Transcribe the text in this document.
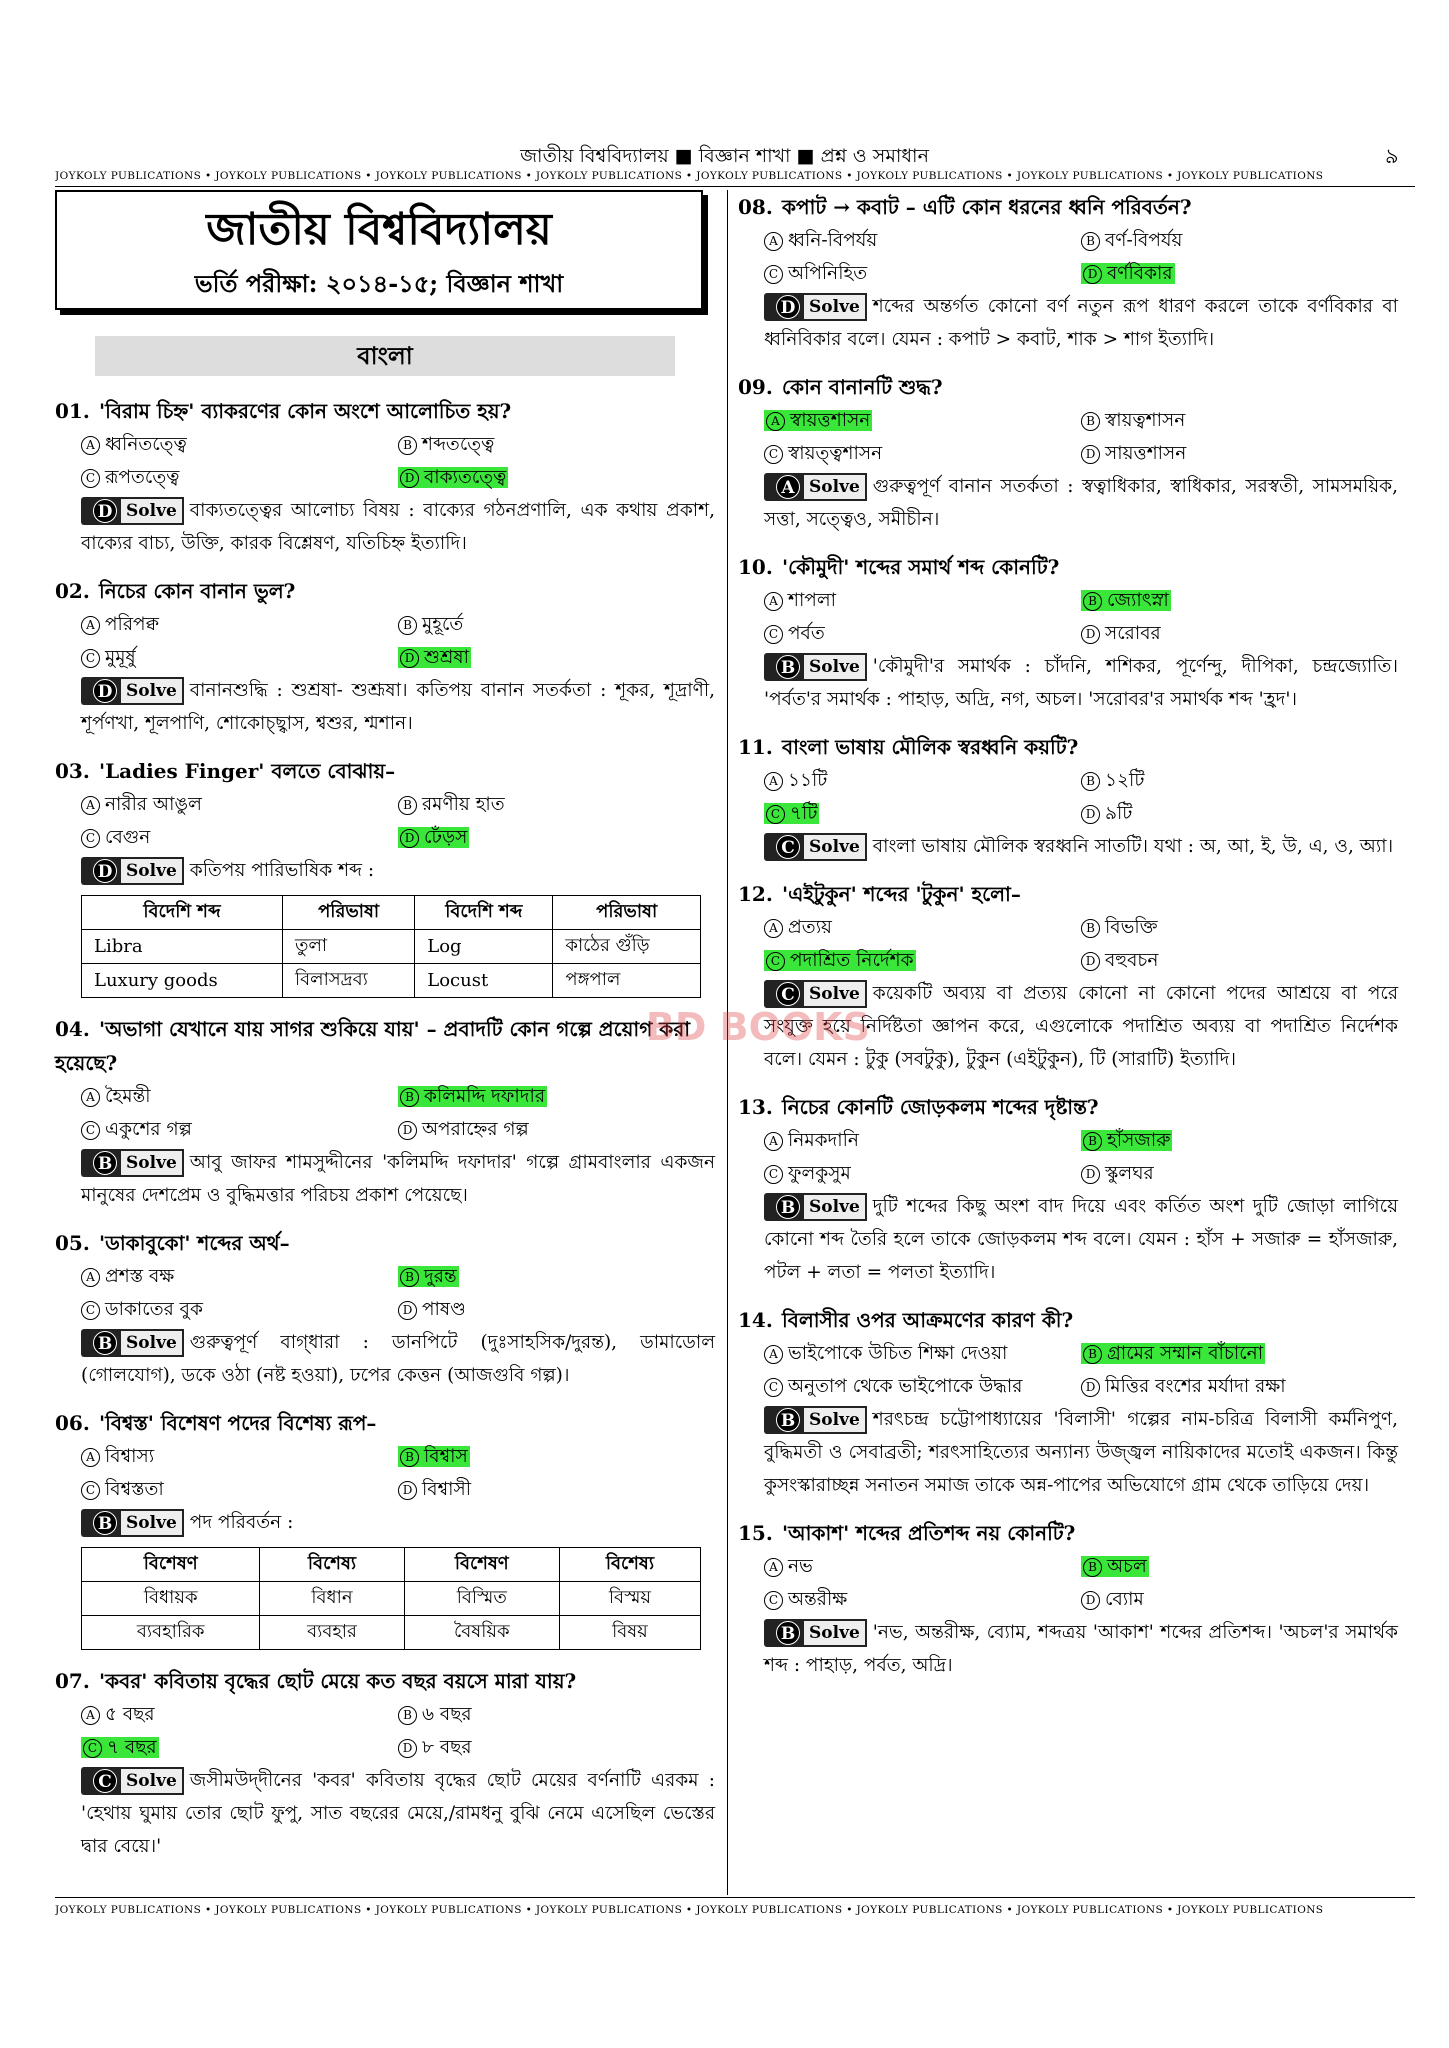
জাতীয় বিশ্ববিদ্যালয় ■ বিজ্ঞান শাখা ■ প্রশ্ন ও সমাধান	৯
JOYKOLY PUBLICATIONS • JOYKOLY PUBLICATIONS • JOYKOLY PUBLICATIONS • JOYKOLY PUBLICATIONS • JOYKOLY PUBLICATIONS • JOYKOLY PUBLICATIONS • JOYKOLY PUBLICATIONS • JOYKOLY PUBLICATIONS
জাতীয় বিশ্ববিদ্যালয়
ভর্তি পরীক্ষা: ২০১৪-১৫; বিজ্ঞান শাখা
বাংলা
01. 'বিরাম চিহ্ন' ব্যাকরণের কোন অংশে আলোচিত হয়?
A ধ্বনিতত্ত্বে	B শব্দতত্ত্বে
C রূপতত্ত্বে	D বাক্যতত্ত্বে
D Solve বাক্যতত্ত্বের আলোচ্য বিষয় : বাক্যের গঠনপ্রণালি, এক কথায় প্রকাশ, বাক্যের বাচ্য, উক্তি, কারক বিশ্লেষণ, যতিচিহ্ন ইত্যাদি।
02. নিচের কোন বানান ভুল?
A পরিপক্ব	B মুহূর্তে
C মুমূর্ষু	D শুশ্রষা
D Solve বানানশুদ্ধি : শুশ্রষা- শুশ্রূষা। কতিপয় বানান সতর্কতা : শূকর, শূদ্রাণী, শূর্পণখা, শূলপাণি, শোকোচ্ছ্বাস, শ্বশুর, শ্মশান।
03. 'Ladies Finger' বলতে বোঝায়–
A নারীর আঙুল	B রমণীয় হাত
C বেগুন	D ঢেঁড়স
D Solve কতিপয় পারিভাষিক শব্দ :
বিদেশি শব্দ	পরিভাষা	বিদেশি শব্দ	পরিভাষা
Libra	তুলা	Log	কাঠের গুঁড়ি
Luxury goods	বিলাসদ্রব্য	Locust	পঙ্গপাল
04. 'অভাগা যেখানে যায় সাগর শুকিয়ে যায়' – প্রবাদটি কোন গল্পে প্রয়োগ করা হয়েছে?
A হৈমন্তী	B কলিমদ্দি দফাদার
C একুশের গল্প	D অপরাহ্নের গল্প
B Solve আবু জাফর শামসুদ্দীনের 'কলিমদ্দি দফাদার' গল্পে গ্রামবাংলার একজন মানুষের দেশপ্রেম ও বুদ্ধিমত্তার পরিচয় প্রকাশ পেয়েছে।
05. 'ডাকাবুকো' শব্দের অর্থ–
A প্রশস্ত বক্ষ	B দুরন্ত
C ডাকাতের বুক	D পাষণ্ড
B Solve গুরুত্বপূর্ণ বাগ্‌ধারা : ডানপিটে (দুঃসাহসিক/দুরন্ত), ডামাডোল (গোলযোগ), ডকে ওঠা (নষ্ট হওয়া), ঢপের কেত্তন (আজগুবি গল্প)।
06. 'বিশ্বস্ত' বিশেষণ পদের বিশেষ্য রূপ–
A বিশ্বাস্য	B বিশ্বাস
C বিশ্বস্ততা	D বিশ্বাসী
B Solve পদ পরিবর্তন :
বিশেষণ	বিশেষ্য	বিশেষণ	বিশেষ্য
বিধায়ক	বিধান	বিস্মিত	বিস্ময়
ব্যবহারিক	ব্যবহার	বৈষয়িক	বিষয়
07. 'কবর' কবিতায় বৃদ্ধের ছোট মেয়ে কত বছর বয়সে মারা যায়?
A ৫ বছর	B ৬ বছর
C ৭ বছর	D ৮ বছর
C Solve জসীমউদ্‌দীনের 'কবর' কবিতায় বৃদ্ধের ছোট মেয়ের বর্ণনাটি এরকম : 'হেথায় ঘুমায় তোর ছোট ফুপু, সাত বছরের মেয়ে,/রামধনু বুঝি নেমে এসেছিল ভেস্তের দ্বার বেয়ে।'
08. কপাট → কবাট – এটি কোন ধরনের ধ্বনি পরিবর্তন?
A ধ্বনি-বিপর্যয়	B বর্ণ-বিপর্যয়
C অপিনিহিত	D বর্ণবিকার
D Solve শব্দের অন্তর্গত কোনো বর্ণ নতুন রূপ ধারণ করলে তাকে বর্ণবিকার বা ধ্বনিবিকার বলে। যেমন : কপাট > কবাট, শাক > শাগ ইত্যাদি।
09. কোন বানানটি শুদ্ধ?
A স্বায়ত্তশাসন	B স্বায়ত্বশাসন
C স্বায়ত্ত্বশাসন	D সায়ত্তশাসন
A Solve গুরুত্বপূর্ণ বানান সতর্কতা : স্বত্বাধিকার, স্বাধিকার, সরস্বতী, সামসময়িক, সত্তা, সত্ত্বেও, সমীচীন।
10. 'কৌমুদী' শব্দের সমার্থ শব্দ কোনটি?
A শাপলা	B জ্যোৎস্না
C পর্বত	D সরোবর
B Solve 'কৌমুদী'র সমার্থক : চাঁদনি, শশিকর, পূর্ণেন্দু, দীপিকা, চন্দ্রজ্যোতি। 'পর্বত'র সমার্থক : পাহাড়, অদ্রি, নগ, অচল। 'সরোবর'র সমার্থক শব্দ 'হ্রদ'।
11. বাংলা ভাষায় মৌলিক স্বরধ্বনি কয়টি?
A ১১টি	B ১২টি
C ৭টি	D ৯টি
C Solve বাংলা ভাষায় মৌলিক স্বরধ্বনি সাতটি। যথা : অ, আ, ই, উ, এ, ও, অ্যা।
12. 'এইটুকুন' শব্দের 'টুকুন' হলো–
A প্রত্যয়	B বিভক্তি
C পদাশ্রিত নির্দেশক	D বহুবচন
C Solve কয়েকটি অব্যয় বা প্রত্যয় কোনো না কোনো পদের আশ্রয়ে বা পরে সংযুক্ত হয়ে নির্দিষ্টতা জ্ঞাপন করে, এগুলোকে পদাশ্রিত অব্যয় বা পদাশ্রিত নির্দেশক বলে। যেমন : টুকু (সবটুকু), টুকুন (এইটুকুন), টি (সারাটি) ইত্যাদি।
13. নিচের কোনটি জোড়কলম শব্দের দৃষ্টান্ত?
A নিমকদানি	B হাঁসজারু
C ফুলকুসুম	D স্কুলঘর
B Solve দুটি শব্দের কিছু অংশ বাদ দিয়ে এবং কর্তিত অংশ দুটি জোড়া লাগিয়ে কোনো শব্দ তৈরি হলে তাকে জোড়কলম শব্দ বলে। যেমন : হাঁস + সজারু = হাঁসজারু, পটল + লতা = পলতা ইত্যাদি।
14. বিলাসীর ওপর আক্রমণের কারণ কী?
A ভাইপোকে উচিত শিক্ষা দেওয়া	B গ্রামের সম্মান বাঁচানো
C অনুতাপ থেকে ভাইপোকে উদ্ধার	D মিত্তির বংশের মর্যাদা রক্ষা
B Solve শরৎচন্দ্র চট্টোপাধ্যায়ের 'বিলাসী' গল্পের নাম-চরিত্র বিলাসী কর্মনিপুণ, বুদ্ধিমতী ও সেবাব্রতী; শরৎসাহিত্যের অন্যান্য উজ্জ্বল নায়িকাদের মতোই একজন। কিন্তু কুসংস্কারাচ্ছন্ন সনাতন সমাজ তাকে অন্ন-পাপের অভিযোগে গ্রাম থেকে তাড়িয়ে দেয়।
15. 'আকাশ' শব্দের প্রতিশব্দ নয় কোনটি?
A নভ	B অচল
C অন্তরীক্ষ	D ব্যোম
B Solve 'নভ, অন্তরীক্ষ, ব্যোম, শব্দত্রয় 'আকাশ' শব্দের প্রতিশব্দ। 'অচল'র সমার্থক শব্দ : পাহাড়, পর্বত, অদ্রি।
BD BOOKS
JOYKOLY PUBLICATIONS • JOYKOLY PUBLICATIONS • JOYKOLY PUBLICATIONS • JOYKOLY PUBLICATIONS • JOYKOLY PUBLICATIONS • JOYKOLY PUBLICATIONS • JOYKOLY PUBLICATIONS • JOYKOLY PUBLICATIONS
